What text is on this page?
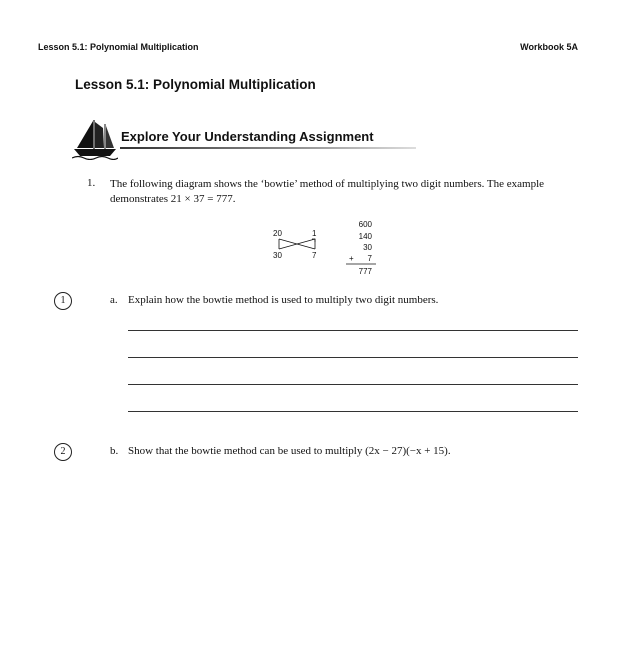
Lesson 5.1: Polynomial Multiplication	Workbook 5A
Lesson 5.1: Polynomial Multiplication
Explore Your Understanding Assignment
1. The following diagram shows the ‘bowtie’ method of multiplying two digit numbers. The example demonstrates 21 × 37 = 777.
20
30
1
7
600
140
30
+ 7
777
1	a. Explain how the bowtie method is used to multiply two digit numbers.
2	b. Show that the bowtie method can be used to multiply (2x − 27)(−x + 15).
